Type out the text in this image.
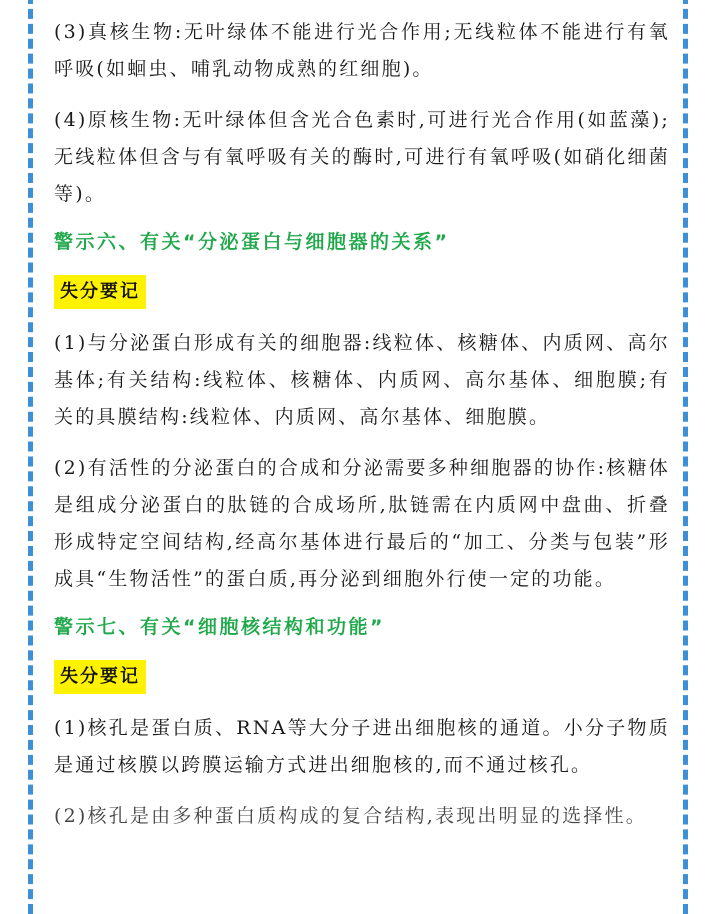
(3)真核生物:无叶绿体不能进行光合作用;无线粒体不能进行有氧呼吸(如蛔虫、哺乳动物成熟的红细胞)。

(4)原核生物:无叶绿体但含光合色素时,可进行光合作用(如蓝藻);无线粒体但含与有氧呼吸有关的酶时,可进行有氧呼吸(如硝化细菌等)。

警示六、有关“分泌蛋白与细胞器的关系”
失分要记

(1)与分泌蛋白形成有关的细胞器:线粒体、核糖体、内质网、高尔基体;有关结构:线粒体、核糖体、内质网、高尔基体、细胞膜;有关的具膜结构:线粒体、内质网、高尔基体、细胞膜。

(2)有活性的分泌蛋白的合成和分泌需要多种细胞器的协作:核糖体是组成分泌蛋白的肽链的合成场所,肽链需在内质网中盘曲、折叠形成特定空间结构,经高尔基体进行最后的“加工、分类与包装”形成具“生物活性”的蛋白质,再分泌到细胞外行使一定的功能。

警示七、有关“细胞核结构和功能”
失分要记

(1)核孔是蛋白质、RNA等大分子进出细胞核的通道。小分子物质是通过核膜以跨膜运输方式进出细胞核的,而不通过核孔。

(2)核孔是由多种蛋白质构成的复合结构,表现出明显的选择性。
